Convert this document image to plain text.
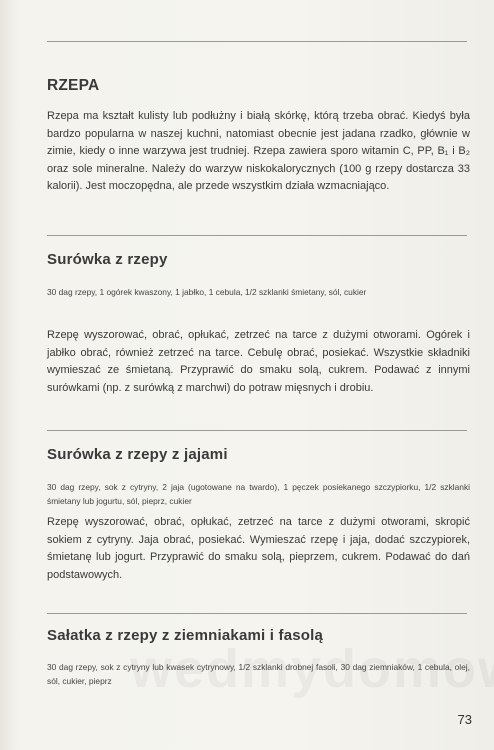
RZEPA

Rzepa ma kształt kulisty lub podłużny i białą skórkę, którą trzeba obrać. Kiedyś była bardzo popularna w naszej kuchni, natomiast obecnie jest jadana rzadko, głównie w zimie, kiedy o inne warzywa jest trudniej. Rzepa zawiera sporo witamin C, PP, B₁ i B₂ oraz sole mineralne. Należy do warzyw niskokalorycznych (100 g rzepy dostarcza 33 kalorii). Jest moczopędna, ale przede wszystkim działa wzmacniająco.

Surówka z rzepy

30 dag rzepy, 1 ogórek kwaszony, 1 jabłko, 1 cebula, 1/2 szklanki śmietany, sól, cukier

Rzepę wyszorować, obrać, opłukać, zetrzeć na tarce z dużymi otworami. Ogórek i jabłko obrać, również zetrzeć na tarce. Cebulę obrać, posiekać. Wszystkie składniki wymieszać ze śmietaną. Przyprawić do smaku solą, cukrem. Podawać z innymi surówkami (np. z surówką z marchwi) do potraw mięsnych i drobiu.

Surówka z rzepy z jajami

30 dag rzepy, sok z cytryny, 2 jaja (ugotowane na twardo), 1 pęczek posiekanego szczypiorku, 1/2 szklanki śmietany lub jogurtu, sól, pieprz, cukier

Rzepę wyszorować, obrać, opłukać, zetrzeć na tarce z dużymi otworami, skropić sokiem z cytryny. Jaja obrać, posiekać. Wymieszać rzepę i jaja, dodać szczypiorek, śmietanę lub jogurt. Przyprawić do smaku solą, pieprzem, cukrem. Podawać do dań podstawowych.

Sałatka z rzepy z ziemniakami i fasolą

30 dag rzepy, sok z cytryny lub kwasek cytrynowy, 1/2 szklanki drobnej fasoli, 30 dag ziemniaków, 1 cebula, olej, sól, cukier, pieprz

73
